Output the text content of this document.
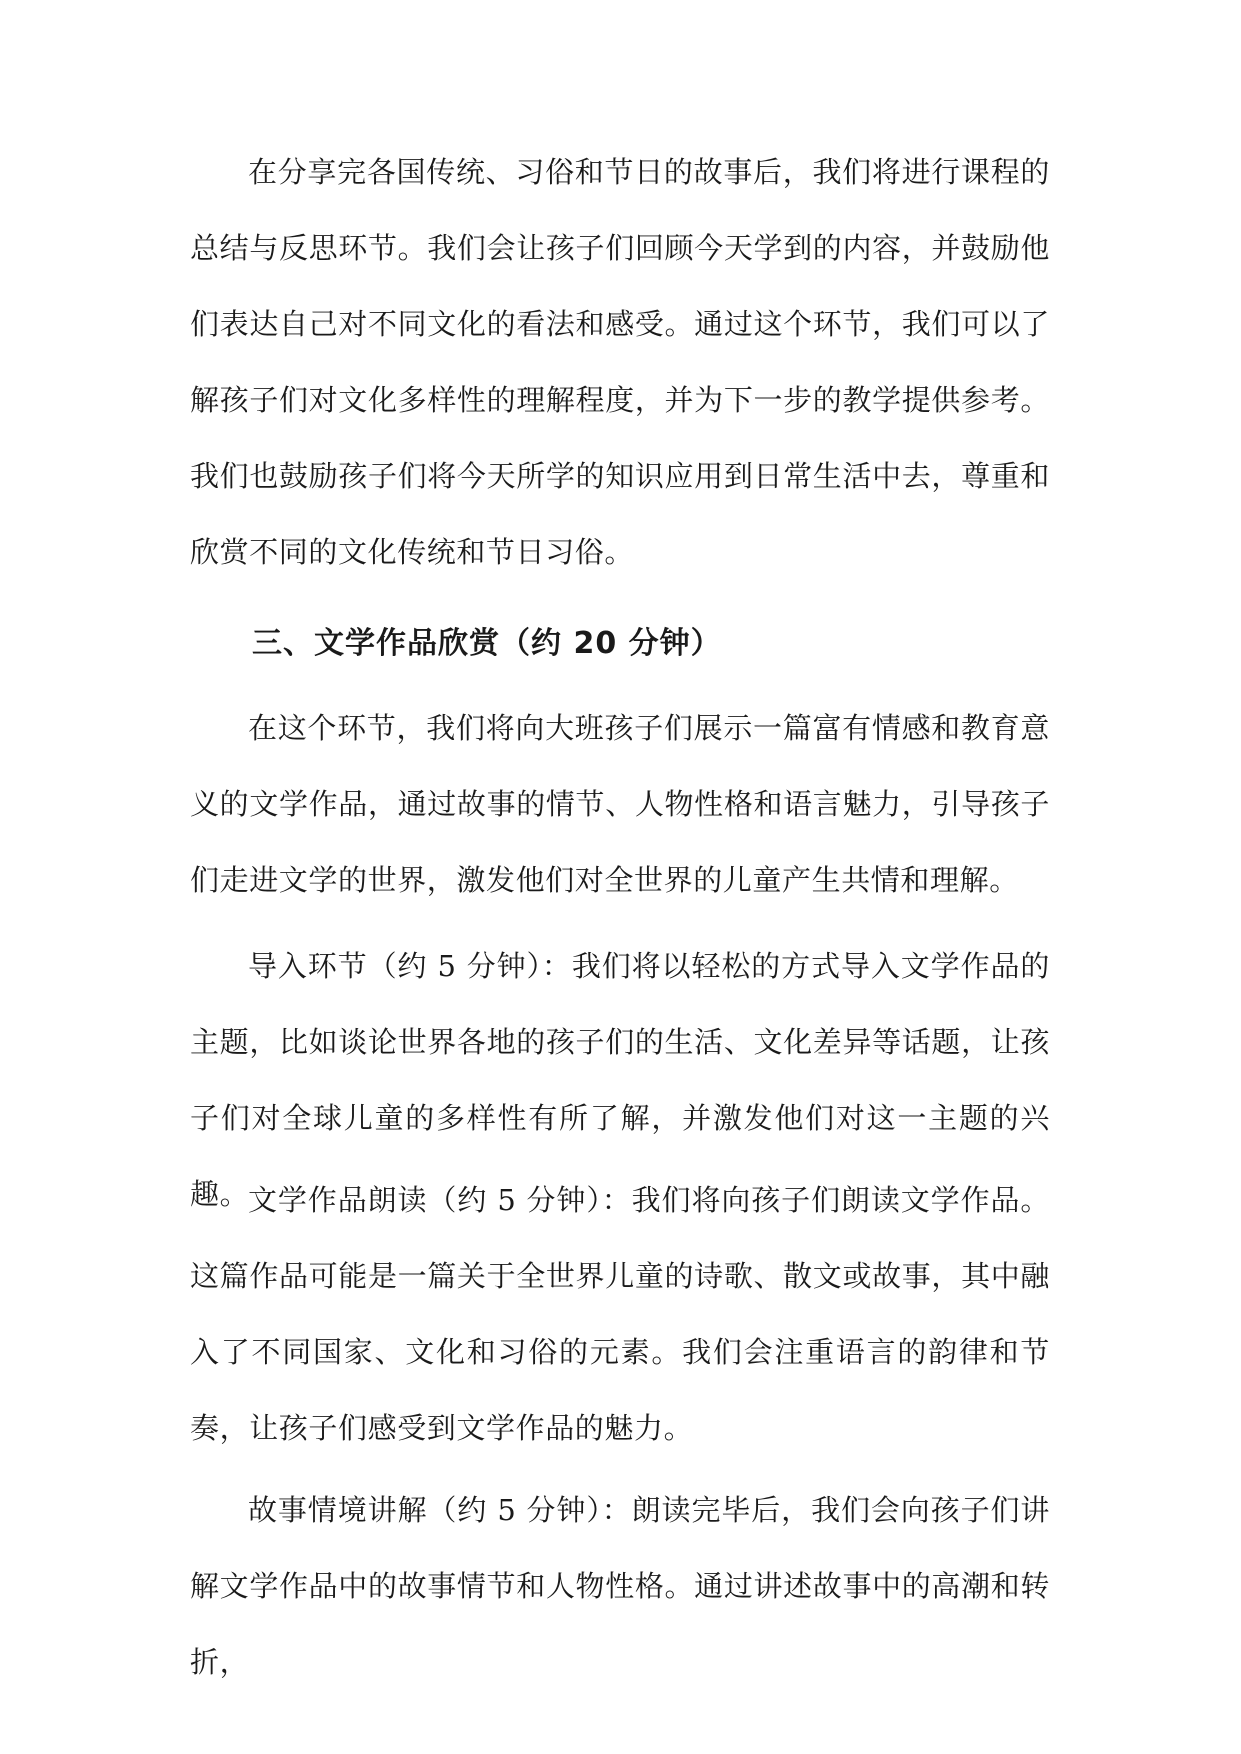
在分享完各国传统、习俗和节日的故事后，我们将进行课程的总结与反思环节。我们会让孩子们回顾今天学到的内容，并鼓励他们表达自己对不同文化的看法和感受。通过这个环节，我们可以了解孩子们对文化多样性的理解程度，并为下一步的教学提供参考。我们也鼓励孩子们将今天所学的知识应用到日常生活中去，尊重和欣赏不同的文化传统和节日习俗。

三、文学作品欣赏（约 20 分钟）

在这个环节，我们将向大班孩子们展示一篇富有情感和教育意义的文学作品，通过故事的情节、人物性格和语言魅力，引导孩子们走进文学的世界，激发他们对全世界的儿童产生共情和理解。

导入环节（约 5 分钟）：我们将以轻松的方式导入文学作品的主题，比如谈论世界各地的孩子们的生活、文化差异等话题，让孩子们对全球儿童的多样性有所了解，并激发他们对这一主题的兴趣。

文学作品朗读（约 5 分钟）：我们将向孩子们朗读文学作品。这篇作品可能是一篇关于全世界儿童的诗歌、散文或故事，其中融入了不同国家、文化和习俗的元素。我们会注重语言的韵律和节奏，让孩子们感受到文学作品的魅力。

故事情境讲解（约 5 分钟）：朗读完毕后，我们会向孩子们讲解文学作品中的故事情节和人物性格。通过讲述故事中的高潮和转折，
